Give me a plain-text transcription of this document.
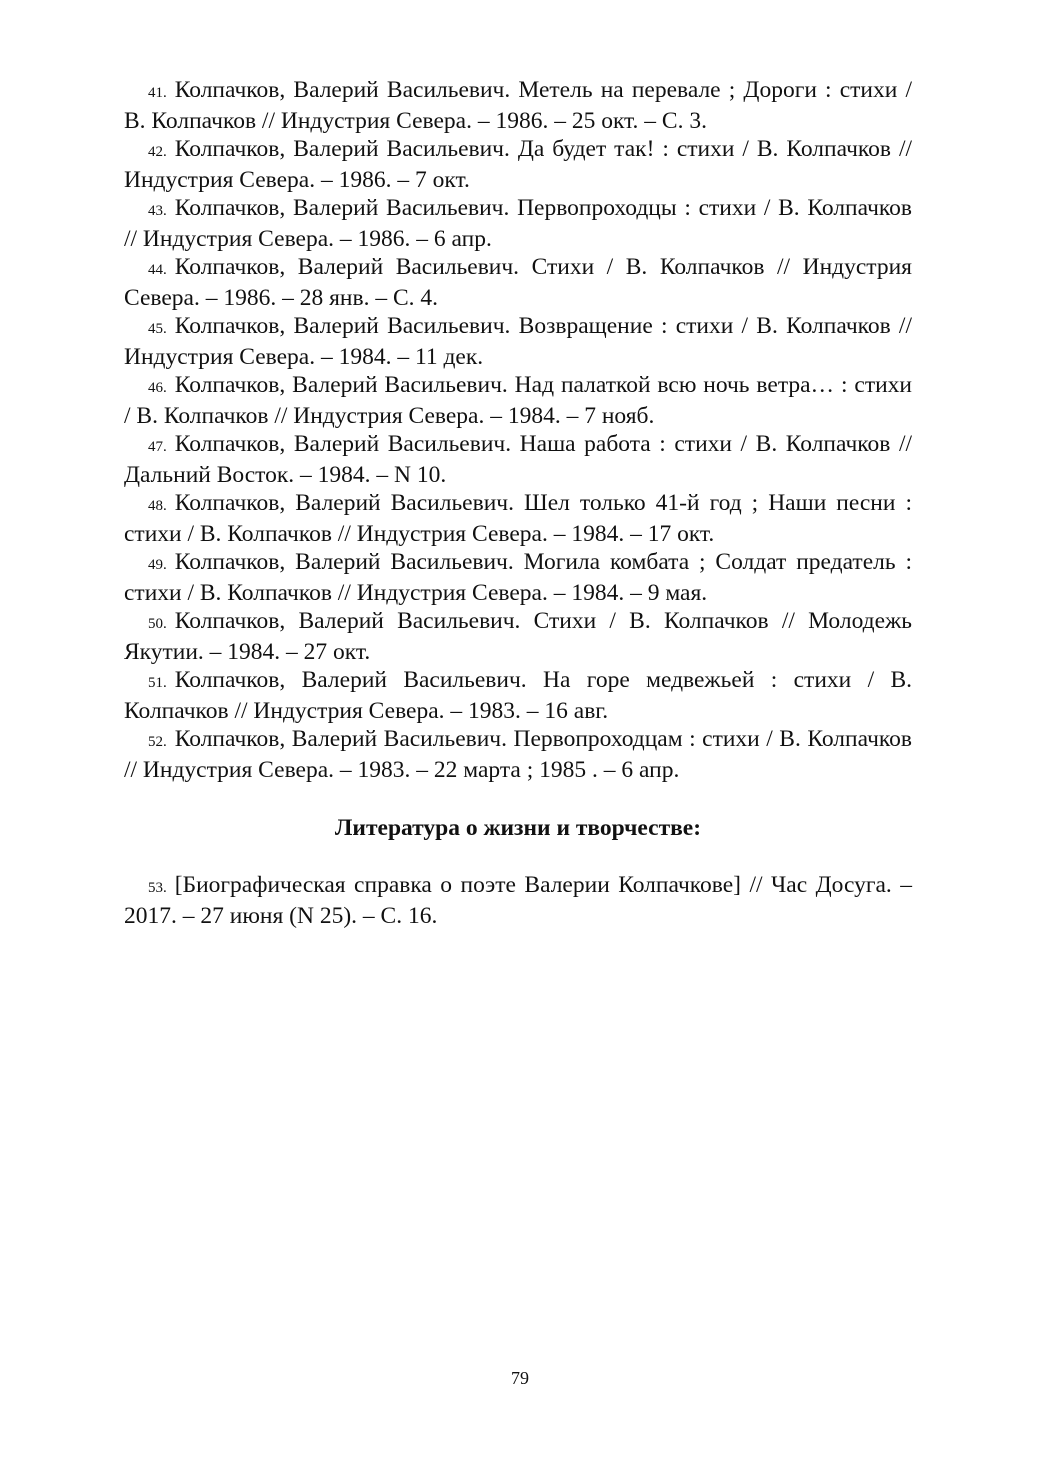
41. Колпачков, Валерий Васильевич. Метель на перевале ; Дороги : стихи / В. Колпачков // Индустрия Севера. – 1986. – 25 окт. – С. 3.

42. Колпачков, Валерий Васильевич. Да будет так! : стихи / В. Колпачков // Индустрия Севера. – 1986. – 7 окт.

43. Колпачков, Валерий Васильевич. Первопроходцы : стихи / В. Колпачков // Индустрия Севера. – 1986. – 6 апр.

44. Колпачков, Валерий Васильевич. Стихи / В. Колпачков // Индустрия Севера. – 1986. – 28 янв. – С. 4.

45. Колпачков, Валерий Васильевич. Возвращение : стихи / В. Колпачков // Индустрия Севера. – 1984. – 11 дек.

46. Колпачков, Валерий Васильевич. Над палаткой всю ночь ветра… : стихи / В. Колпачков // Индустрия Севера. – 1984. – 7 нояб.

47. Колпачков, Валерий Васильевич. Наша работа : стихи / В. Колпачков // Дальний Восток. – 1984. – N 10.

48. Колпачков, Валерий Васильевич. Шел только 41-й год ; Наши песни : стихи / В. Колпачков // Индустрия Севера. – 1984. – 17 окт.

49. Колпачков, Валерий Васильевич. Могила комбата ; Солдат предатель : стихи / В. Колпачков // Индустрия Севера. – 1984. – 9 мая.

50. Колпачков, Валерий Васильевич. Стихи / В. Колпачков // Молодежь Якутии. – 1984. – 27 окт.

51. Колпачков, Валерий Васильевич. На горе медвежьей : стихи / В. Колпачков // Индустрия Севера. – 1983. – 16 авг.

52. Колпачков, Валерий Васильевич. Первопроходцам : стихи / В. Колпачков // Индустрия Севера. – 1983. – 22 марта ; 1985 . – 6 апр.

Литература о жизни и творчестве:

53. [Биографическая справка о поэте Валерии Колпачкове] // Час Досуга. – 2017. – 27 июня (N 25). – С. 16.

79
